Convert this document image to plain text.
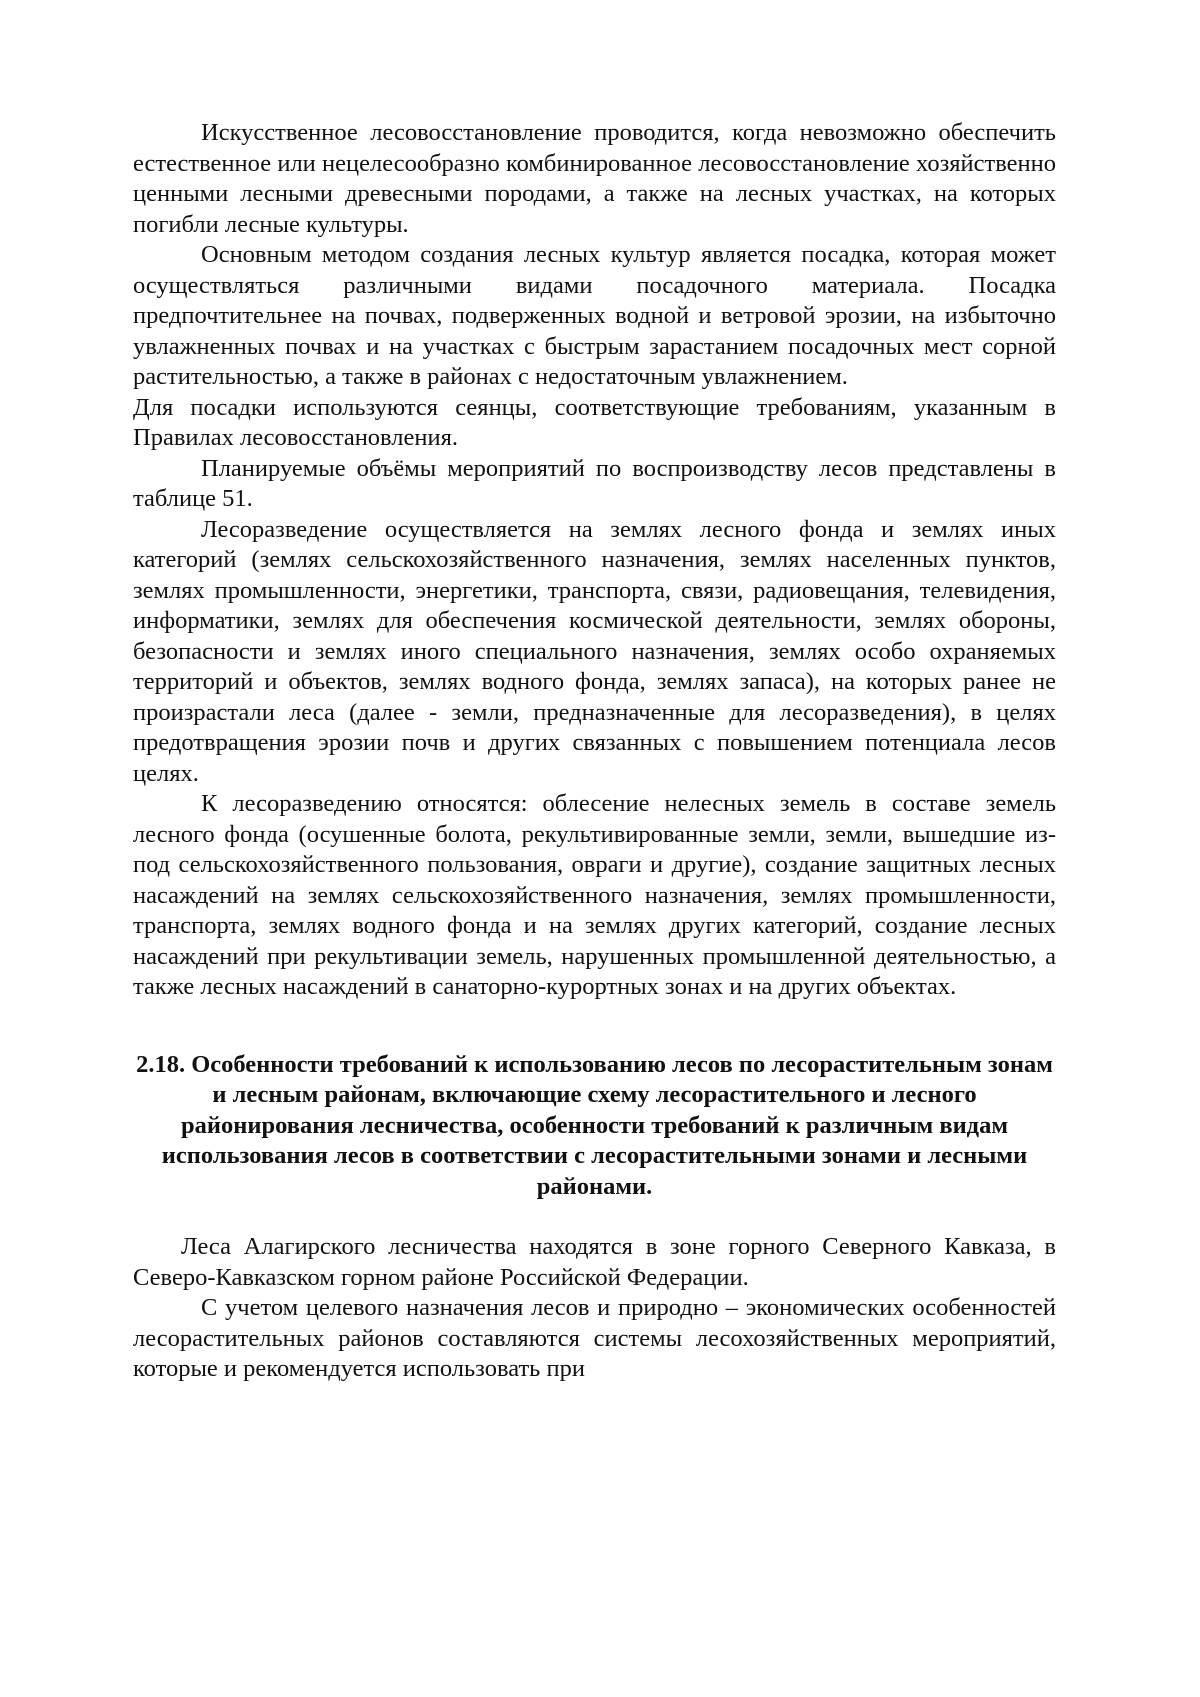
Искусственное лесовосстановление проводится, когда невозможно обеспечить естественное или нецелесообразно комбинированное лесовосстановление хозяйственно ценными лесными древесными породами, а также на лесных участках, на которых погибли лесные культуры.

Основным методом создания лесных культур является посадка, которая может осуществляться различными видами посадочного материала. Посадка предпочтительнее на почвах, подверженных водной и ветровой эрозии, на избыточно увлажненных почвах и на участках с быстрым зарастанием посадочных мест сорной растительностью, а также в районах с недостаточным увлажнением.

Для посадки используются сеянцы, соответствующие требованиям, указанным в Правилах лесовосстановления.

Планируемые объёмы мероприятий по воспроизводству лесов представлены в таблице 51.

Лесоразведение осуществляется на землях лесного фонда и землях иных категорий (землях сельскохозяйственного назначения, землях населенных пунктов, землях промышленности, энергетики, транспорта, связи, радиовещания, телевидения, информатики, землях для обеспечения космической деятельности, землях обороны, безопасности и землях иного специального назначения, землях особо охраняемых территорий и объектов, землях водного фонда, землях запаса), на которых ранее не произрастали леса (далее - земли, предназначенные для лесоразведения), в целях предотвращения эрозии почв и других связанных с повышением потенциала лесов целях.

К лесоразведению относятся: облесение нелесных земель в составе земель лесного фонда (осушенные болота, рекультивированные земли, земли, вышедшие из-под сельскохозяйственного пользования, овраги и другие), создание защитных лесных насаждений на землях сельскохозяйственного назначения, землях промышленности, транспорта, землях водного фонда и на землях других категорий, создание лесных насаждений при рекультивации земель, нарушенных промышленной деятельностью, а также лесных насаждений в санаторно-курортных зонах и на других объектах.

2.18. Особенности требований к использованию лесов по лесорастительным зонам и лесным районам, включающие схему лесорастительного и лесного районирования лесничества, особенности требований к различным видам использования лесов в соответствии с лесорастительными зонами и лесными районами.

Леса Алагирского лесничества находятся в зоне горного Северного Кавказа, в Северо-Кавказском горном районе Российской Федерации.

С учетом целевого назначения лесов и природно – экономических особенностей лесорастительных районов составляются системы лесохозяйственных мероприятий, которые и рекомендуется использовать при
